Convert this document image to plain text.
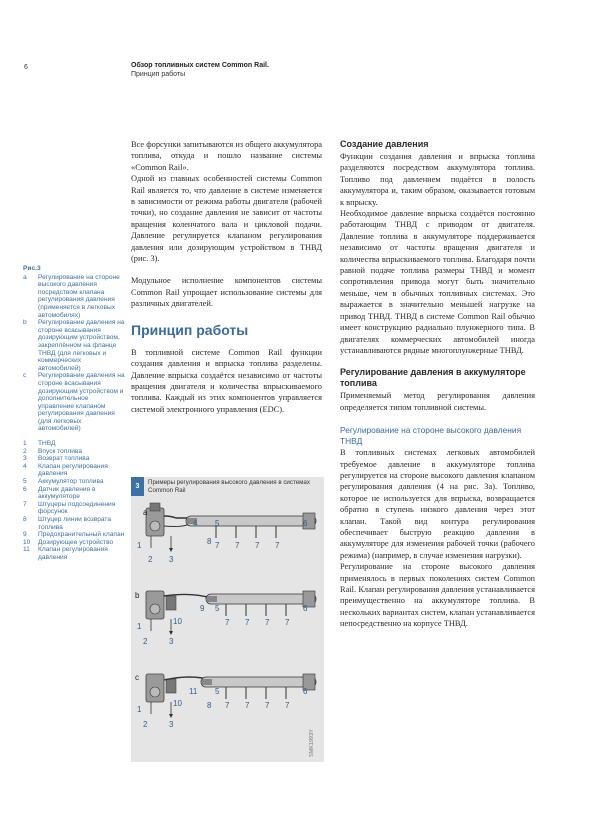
6	Обзор топливных систем Common Rail.
Принцип работы
Рис.3
a	Регулирование на стороне высокого давления посредством клапана регулирования давления (применяется в легковых автомобилях)
b	Регулирование давления на стороне всасывания дозирующим устройством, закреплённом на фланце ТНВД (для легковых и коммерческих автомобилей)
c	Регулирование давления на стороне всасывания дозирующим устройством и дополнительное управление клапаном регулирования давления (для легковых автомобилей)
1	ТНВД
2	Впуск топлива
3	Возврат топлива
4	Клапан регулирования давления
5	Аккумулятор топлива
6	Датчик давления в аккумуляторе
7	Штуцеры подсоединения форсунок
8	Штуцер линии возврата топлива
9	Предохранительный клапан
10	Дозирующее устройство
11	Клапан регулирования давления

Все форсунки запитываются из общего аккумулятора топлива, откуда и пошло название системы «Common Rail».

Одной из главных особенностей системы Common Rail является то, что давление в системе изменяется в зависимости от режима работы двигателя (рабочей точки), но создание давления не зависит от частоты вращения коленчатого вала и цикловой подачи. Давление регулируется клапаном регулирования давления или дозирующим устройством в ТНВД (рис. 3).

Модульное исполнение компонентов системы Common Rail упрощает использование системы для различных двигателей.

Принцип работы

В топливной системе Common Rail функции создания давления и впрыска топлива разделены. Давление впрыска создаётся независимо от частоты вращения двигателя и количества впрыскиваемого топлива. Каждый из этих компонентов управляется системой электронного управления (EDC).

3
Примеры регулирования высокого давления в системах Common Rail
a
4 5	6
1	8 7 7 7 7
2 3
b
9 5	6
10
1	7 7 7 7
2	3
c
11 5	6
10
1	8 7 7 7 7
2	3
SMK1993Y
Создание давления

Функции создания давления и впрыска топлива разделяются посредством аккумулятора топлива. Топливо под давлением подаётся в полость аккумулятора и, таким образом, оказывается готовым к впрыску.

Необходимое давление впрыска создаётся постоянно работающим ТНВД с приводом от двигателя. Давление топлива в аккумуляторе поддерживается независимо от частоты вращения двигателя и количества впрыскиваемого топлива. Благодаря почти равной подаче топлива размеры ТНВД и момент сопротивления привода могут быть значительно меньше, чем в обычных топливных системах. Это выражается в значительно меньшей нагрузке на привод ТНВД. ТНВД в системе Common Rail обычно имеет конструкцию радиально плунжерного типа. В двигателях коммерческих автомобилей иногда устанавливаются рядные многоплунжерные ТНВД.

Регулирование давления в аккумуляторе топлива

Применяемый метод регулирования давления определяется типом топливной системы.

Регулирование на стороне высокого давления ТНВД

В топливных системах легковых автомобилей требуемое давление в аккумуляторе топлива регулируется на стороне высокого давления клапаном регулирования давления (4 на рис. 3а). Топливо, которое не используется для впрыска, возвращается обратно в ступень низкого давления через этот клапан. Такой вид контура регулирования обеспечивает быструю реакцию давления в аккумуляторе для изменения рабочей точки (рабочего режима) (например, в случае изменения нагрузки).

Регулирование на стороне высокого давления применялось в первых поколениях систем Common Rail. Клапан регулирования давления устанавливается преимущественно на аккумуляторе топлива. В нескольких вариантах систем, клапан устанавливается непосредственно на корпусе ТНВД.
